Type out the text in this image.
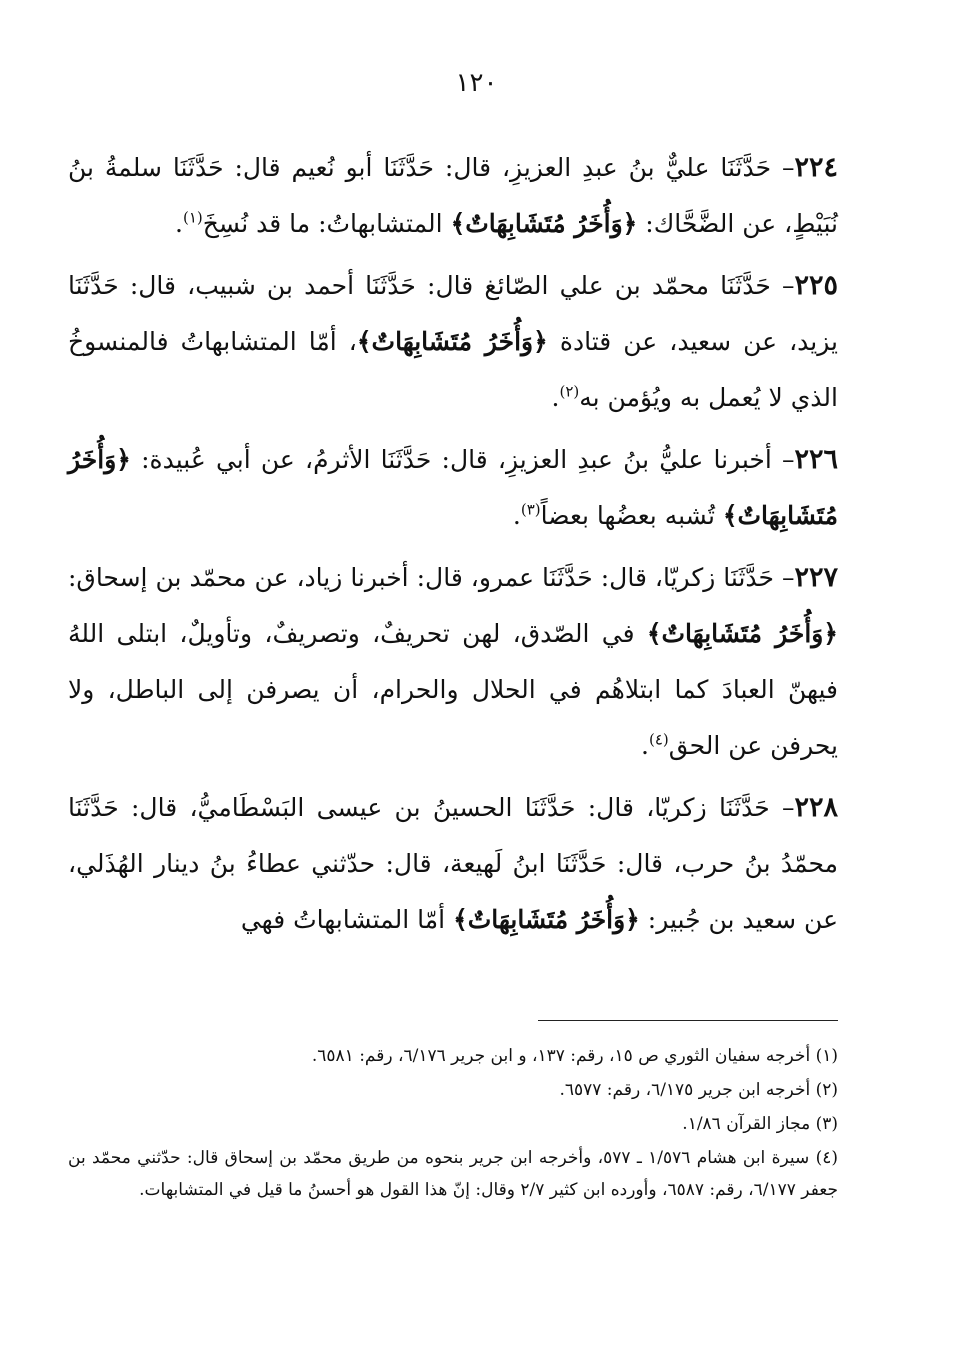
١٢٠

٢٢٤– حَدَّثَنَا عليٌّ بنُ عبدِ العزيزِ، قال: حَدَّثَنَا أبو نُعيم قال: حَدَّثَنَا سلمةُ بنُ نُبَيْطٍ، عن الضَّحَّاك: ﴿وَأُخَرُ مُتَشَابِهَاتٌ﴾ المتشابهاتُ: ما قد نُسِخَ$^{(١)}$.

٢٢٥– حَدَّثَنَا محمّد بن علي الصّائغ قال: حَدَّثَنَا أحمد بن شبيب، قال: حَدَّثَنَا يزيد، عن سعيد، عن قتادة ﴿وَأُخَرُ مُتَشَابِهَاتٌ﴾، أمّا المتشابهاتُ فالمنسوخُ الذي لا يُعمل به ويُؤمن به$^{(٢)}$.

٢٢٦– أخبرنا عليُّ بنُ عبدِ العزيزِ، قال: حَدَّثَنَا الأثرمُ، عن أبي عُبيدة: ﴿وَأُخَرُ مُتَشَابِهَاتٌ﴾ تُشبه بعضُها بعضاً$^{(٣)}$.

٢٢٧– حَدَّثَنَا زكريّا، قال: حَدَّثَنَا عمرو، قال: أخبرنا زياد، عن محمّد بن إسحاق: ﴿وَأُخَرُ مُتَشَابِهَاتٌ﴾ في الصّدق، لهن تحريفٌ، وتصريفٌ، وتأويلٌ، ابتلى اللهُ فيهنّ العبادَ كما ابتلاهُم في الحلال والحرام، أن يصرفن إلى الباطل، ولا يحرفن عن الحق$^{(٤)}$.

٢٢٨– حَدَّثَنَا زكريّا، قال: حَدَّثَنَا الحسينُ بن عيسى البَسْطَاميُّ، قال: حَدَّثَنَا محمّدُ بنُ حرب، قال: حَدَّثَنَا ابنُ لَهيعة، قال: حدّثني عطاءُ بنُ دينار الهُذَلي، عن سعيد بن جُبير: ﴿وَأُخَرُ مُتَشَابِهَاتٌ﴾ أمّا المتشابهاتُ فهي

(١) أخرجه سفيان الثوري ص ١٥، رقم: ١٣٧، و ابن جرير ٦/١٧٦، رقم: ٦٥٨١.

(٢) أخرجه ابن جرير ٦/١٧٥، رقم: ٦٥٧٧.

(٣) مجاز القرآن ١/٨٦.

(٤) سيرة ابن هشام ١/٥٧٦ ـ ٥٧٧، وأخرجه ابن جرير بنحوه من طريق محمّد بن إسحاق قال: حدّثني محمّد بن جعفر ٦/١٧٧، رقم: ٦٥٨٧، وأورده ابن كثير ٢/٧ وقال: إنّ هذا القول هو أحسنُ ما قيل في المتشابهات.
